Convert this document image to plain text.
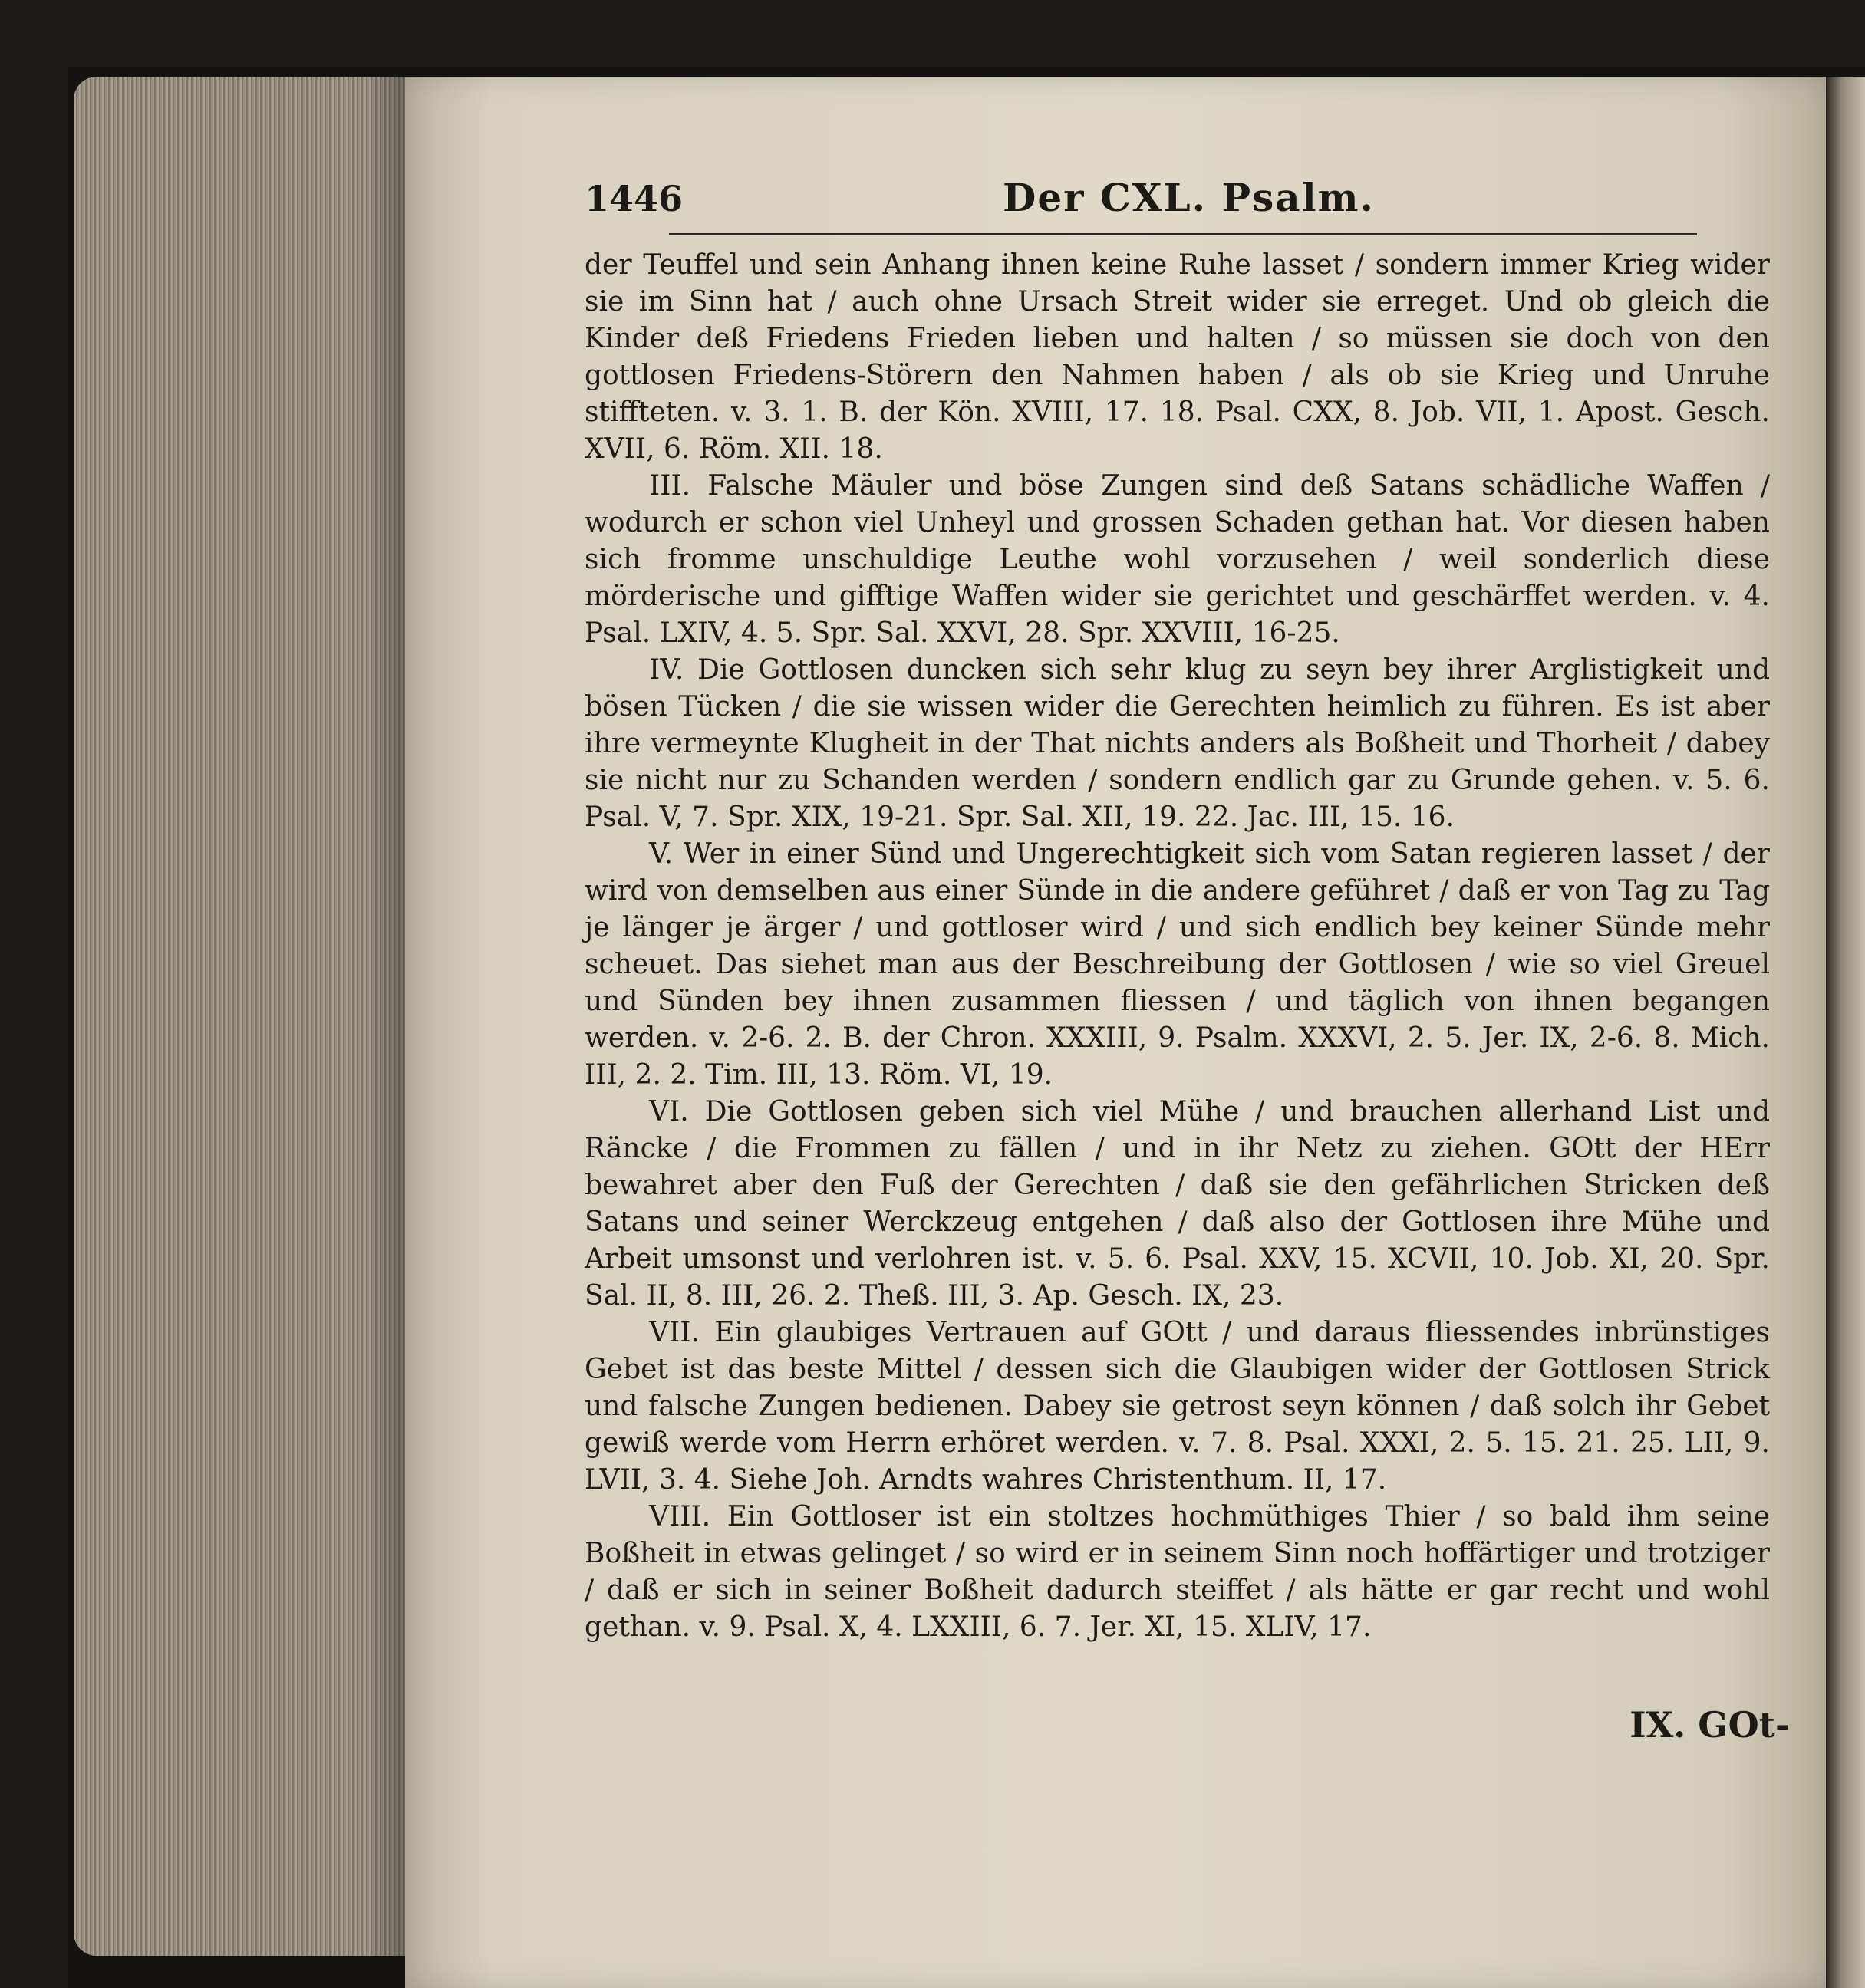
1446	Der CXL. Psalm.

der Teuffel und sein Anhang ihnen keine Ruhe lasset / sondern immer Krieg wider sie im Sinn hat / auch ohne Ursach Streit wider sie erreget. Und ob gleich die Kinder deß Friedens Frieden lieben und halten / so müssen sie doch von den gottlosen Friedens-Störern den Nahmen haben / als ob sie Krieg und Unruhe stiffteten. v. 3. 1. B. der Kön. XVIII, 17. 18. Psal. CXX, 8. Job. VII, 1. Apost. Gesch. XVII, 6. Röm. XII. 18.

III. Falsche Mäuler und böse Zungen sind deß Satans schädliche Waffen / wodurch er schon viel Unheyl und grossen Schaden gethan hat. Vor diesen haben sich fromme unschuldige Leuthe wohl vorzusehen / weil sonderlich diese mörderische und gifftige Waffen wider sie gerichtet und geschärffet werden. v. 4. Psal. LXIV, 4. 5. Spr. Sal. XXVI, 28. Spr. XXVIII, 16-25.

IV. Die Gottlosen duncken sich sehr klug zu seyn bey ihrer Arglistigkeit und bösen Tücken / die sie wissen wider die Gerechten heimlich zu führen. Es ist aber ihre vermeynte Klugheit in der That nichts anders als Boßheit und Thorheit / dabey sie nicht nur zu Schanden werden / sondern endlich gar zu Grunde gehen. v. 5. 6. Psal. V, 7. Spr. XIX, 19-21. Spr. Sal. XII, 19. 22. Jac. III, 15. 16.

V. Wer in einer Sünd und Ungerechtigkeit sich vom Satan regieren lasset / der wird von demselben aus einer Sünde in die andere geführet / daß er von Tag zu Tag je länger je ärger / und gottloser wird / und sich endlich bey keiner Sünde mehr scheuet. Das siehet man aus der Beschreibung der Gottlosen / wie so viel Greuel und Sünden bey ihnen zusammen fliessen / und täglich von ihnen begangen werden. v. 2-6. 2. B. der Chron. XXXIII, 9. Psalm. XXXVI, 2. 5. Jer. IX, 2-6. 8. Mich. III, 2. 2. Tim. III, 13. Röm. VI, 19.

VI. Die Gottlosen geben sich viel Mühe / und brauchen allerhand List und Räncke / die Frommen zu fällen / und in ihr Netz zu ziehen. GOtt der HErr bewahret aber den Fuß der Gerechten / daß sie den gefährlichen Stricken deß Satans und seiner Werckzeug entgehen / daß also der Gottlosen ihre Mühe und Arbeit umsonst und verlohren ist. v. 5. 6. Psal. XXV, 15. XCVII, 10. Job. XI, 20. Spr. Sal. II, 8. III, 26. 2. Theß. III, 3. Ap. Gesch. IX, 23.

VII. Ein glaubiges Vertrauen auf GOtt / und daraus fliessendes inbrünstiges Gebet ist das beste Mittel / dessen sich die Glaubigen wider der Gottlosen Strick und falsche Zungen bedienen. Dabey sie getrost seyn können / daß solch ihr Gebet gewiß werde vom Herrn erhöret werden. v. 7. 8. Psal. XXXI, 2. 5. 15. 21. 25. LII, 9. LVII, 3. 4. Siehe Joh. Arndts wahres Christenthum. II, 17.

VIII. Ein Gottloser ist ein stoltzes hochmüthiges Thier / so bald ihm seine Boßheit in etwas gelinget / so wird er in seinem Sinn noch hoffärtiger und trotziger / daß er sich in seiner Boßheit dadurch steiffet / als hätte er gar recht und wohl gethan. v. 9. Psal. X, 4. LXXIII, 6. 7. Jer. XI, 15. XLIV, 17.

IX. GOt-
